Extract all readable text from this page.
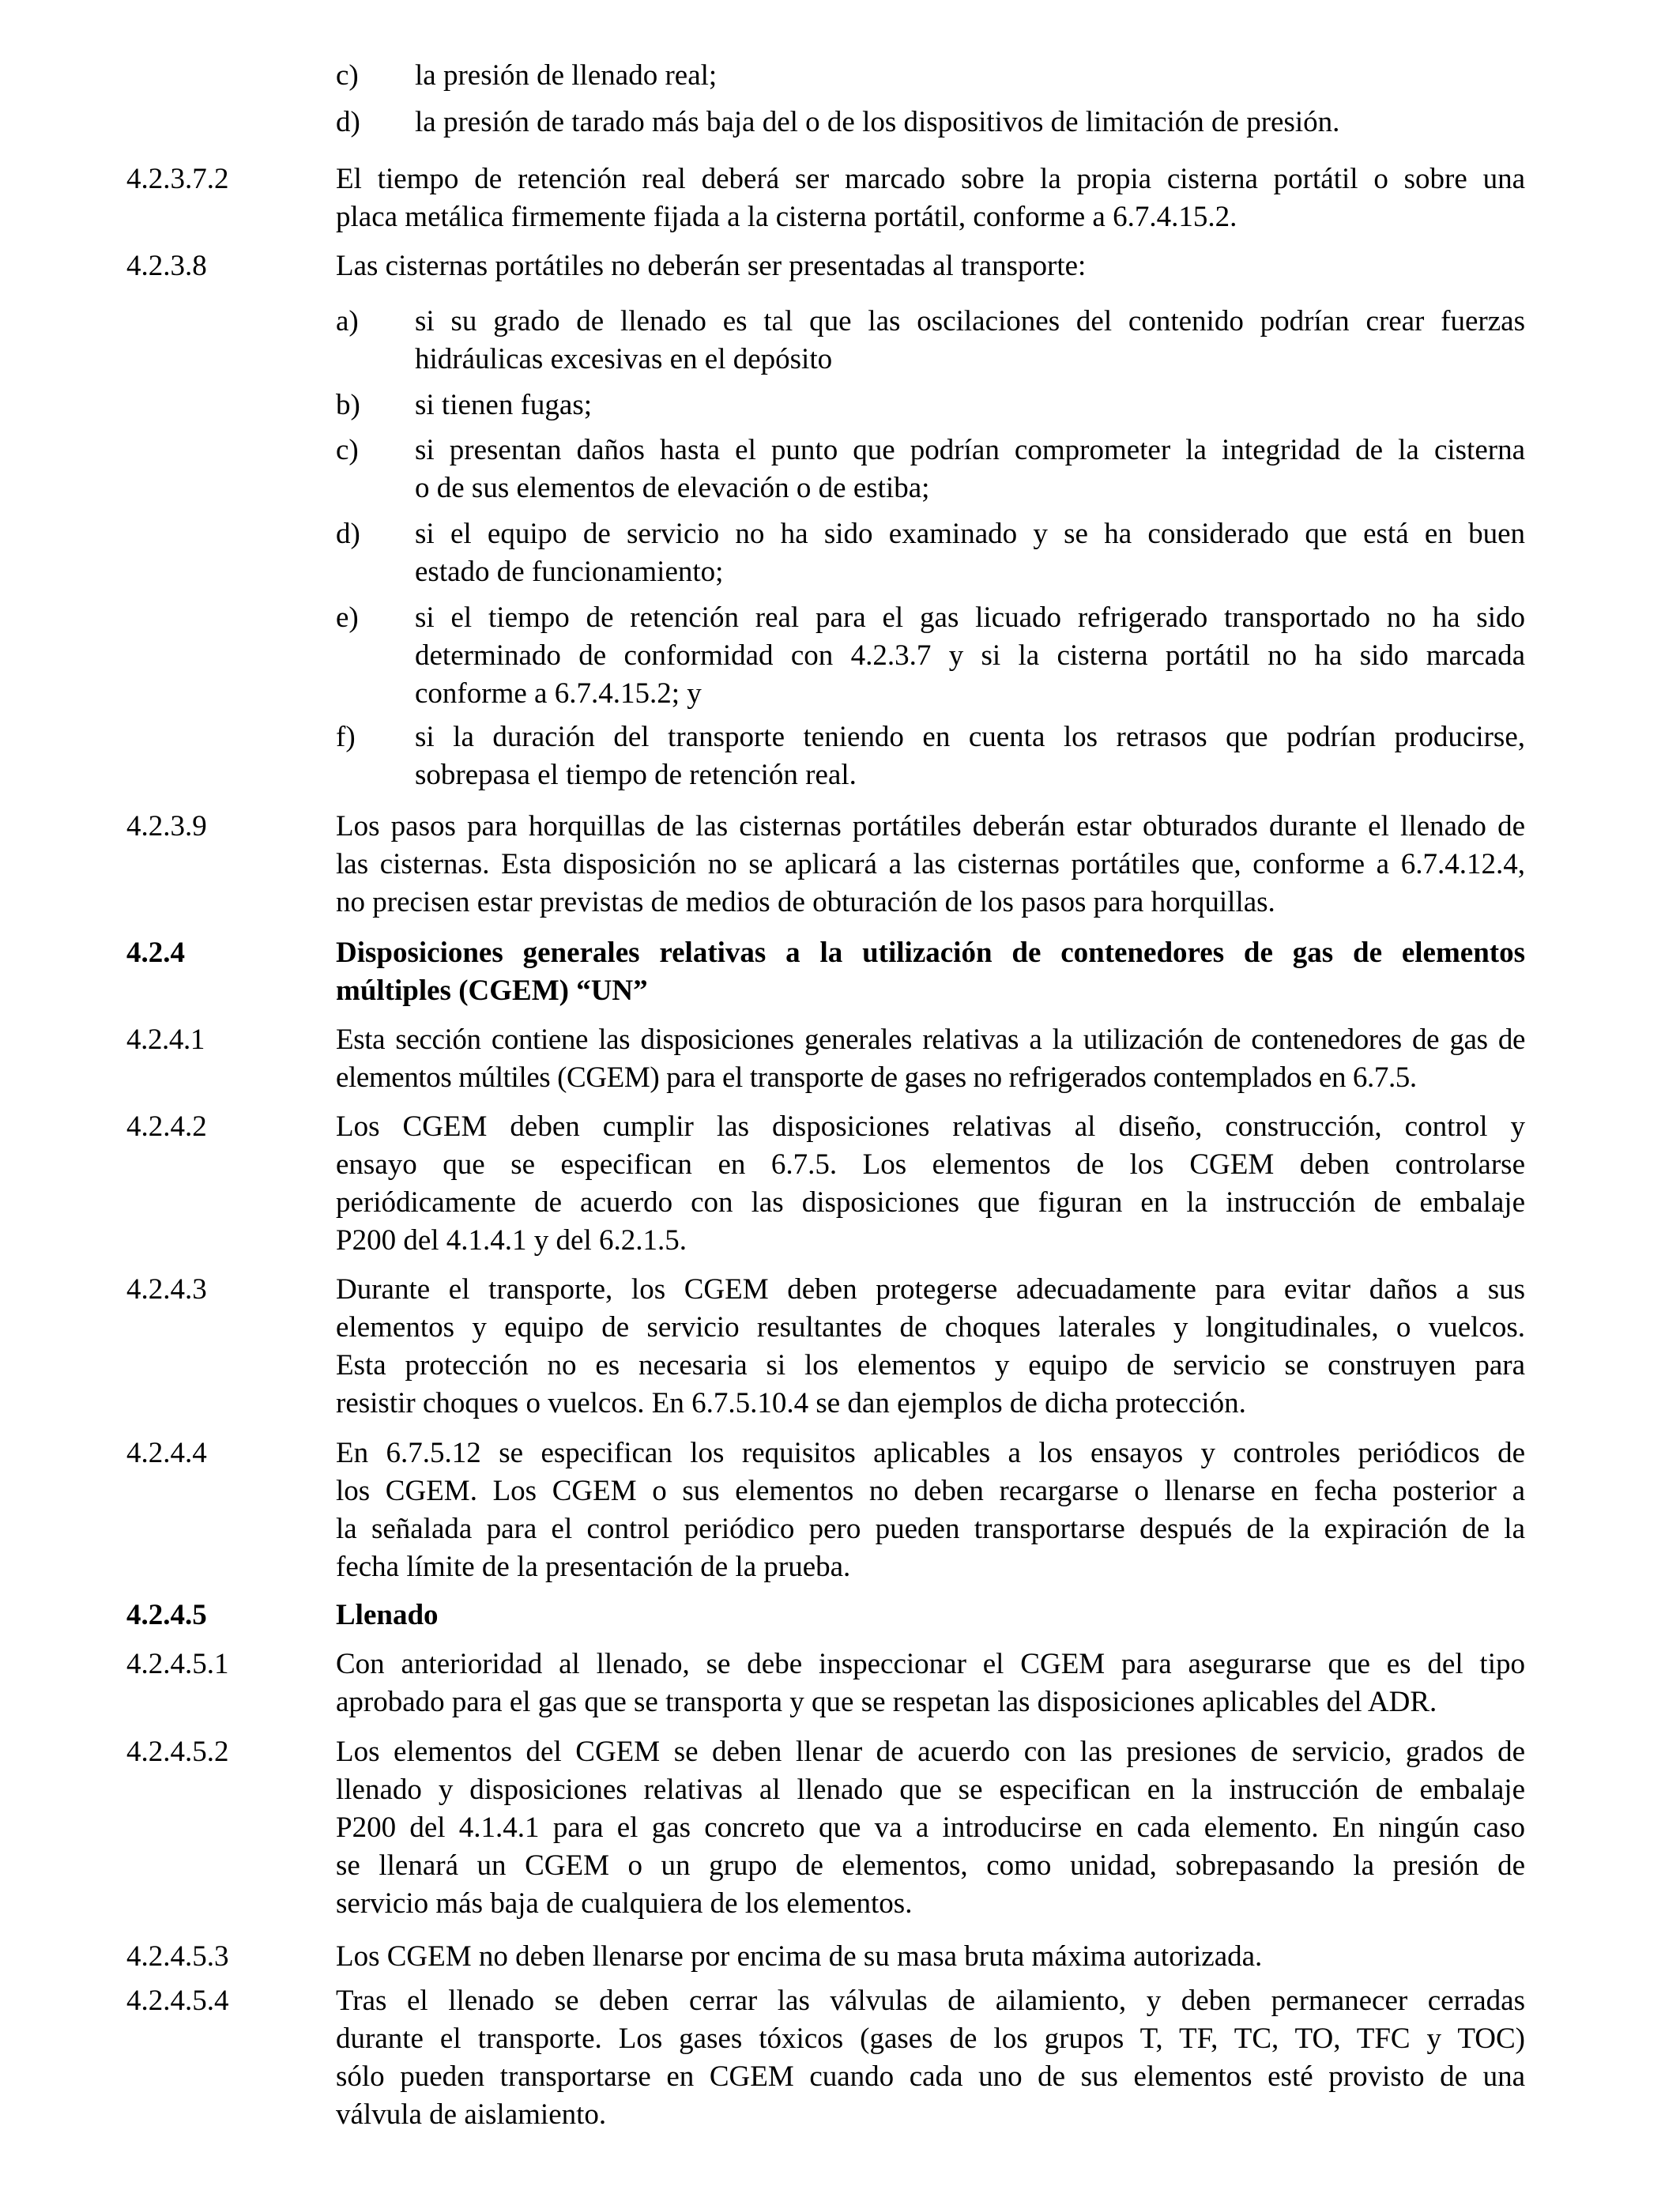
c)	la presión de llenado real;
d)	la presión de tarado más baja del o de los dispositivos de limitación de presión.
4.2.3.7.2	El tiempo de retención real deberá ser marcado sobre la propia cisterna portátil o sobre una
placa metálica firmemente fijada a la cisterna portátil, conforme a 6.7.4.15.2.
4.2.3.8	Las cisternas portátiles no deberán ser presentadas al transporte:
a)	si su grado de llenado es tal que las oscilaciones del contenido podrían crear fuerzas
hidráulicas excesivas en el depósito
b)	si tienen fugas;
c)	si presentan daños hasta el punto que podrían comprometer la integridad de la cisterna
o de sus elementos de elevación o de estiba;
d)	si el equipo de servicio no ha sido examinado y se ha considerado que está en buen
estado de funcionamiento;
e)	si el tiempo de retención real para el gas licuado refrigerado transportado no ha sido
determinado de conformidad con 4.2.3.7 y si la cisterna portátil no ha sido marcada
conforme a 6.7.4.15.2; y
f)	si la duración del transporte teniendo en cuenta los retrasos que podrían producirse,
sobrepasa el tiempo de retención real.
4.2.3.9	Los pasos para horquillas de las cisternas portátiles deberán estar obturados durante el llenado de
las cisternas. Esta disposición no se aplicará a las cisternas portátiles que, conforme a 6.7.4.12.4,
no precisen estar previstas de medios de obturación de los pasos para horquillas.
4.2.4	Disposiciones generales relativas a la utilización de contenedores de gas de elementos
múltiples (CGEM) “UN”
4.2.4.1	Esta sección contiene las disposiciones generales relativas a la utilización de contenedores de gas de
elementos múltiles (CGEM) para el transporte de gases no refrigerados contemplados en 6.7.5.
4.2.4.2	Los CGEM deben cumplir las disposiciones relativas al diseño, construcción, control y
ensayo que se especifican en 6.7.5. Los elementos de los CGEM deben controlarse
periódicamente de acuerdo con las disposiciones que figuran en la instrucción de embalaje
P200 del 4.1.4.1 y del 6.2.1.5.
4.2.4.3	Durante el transporte, los CGEM deben protegerse adecuadamente para evitar daños a sus
elementos y equipo de servicio resultantes de choques laterales y longitudinales, o vuelcos.
Esta protección no es necesaria si los elementos y equipo de servicio se construyen para
resistir choques o vuelcos. En 6.7.5.10.4 se dan ejemplos de dicha protección.
4.2.4.4	En 6.7.5.12 se especifican los requisitos aplicables a los ensayos y controles periódicos de
los CGEM. Los CGEM o sus elementos no deben recargarse o llenarse en fecha posterior a
la señalada para el control periódico pero pueden transportarse después de la expiración de la
fecha límite de la presentación de la prueba.
4.2.4.5	Llenado
4.2.4.5.1	Con anterioridad al llenado, se debe inspeccionar el CGEM para asegurarse que es del tipo
aprobado para el gas que se transporta y que se respetan las disposiciones aplicables del ADR.
4.2.4.5.2	Los elementos del CGEM se deben llenar de acuerdo con las presiones de servicio, grados de
llenado y disposiciones relativas al llenado que se especifican en la instrucción de embalaje
P200 del 4.1.4.1 para el gas concreto que va a introducirse en cada elemento. En ningún caso
se llenará un CGEM o un grupo de elementos, como unidad, sobrepasando la presión de
servicio más baja de cualquiera de los elementos.
4.2.4.5.3	Los CGEM no deben llenarse por encima de su masa bruta máxima autorizada.
4.2.4.5.4	Tras el llenado se deben cerrar las válvulas de ailamiento, y deben permanecer cerradas
durante el transporte. Los gases tóxicos (gases de los grupos T, TF, TC, TO, TFC y TOC)
sólo pueden transportarse en CGEM cuando cada uno de sus elementos esté provisto de una
válvula de aislamiento.
